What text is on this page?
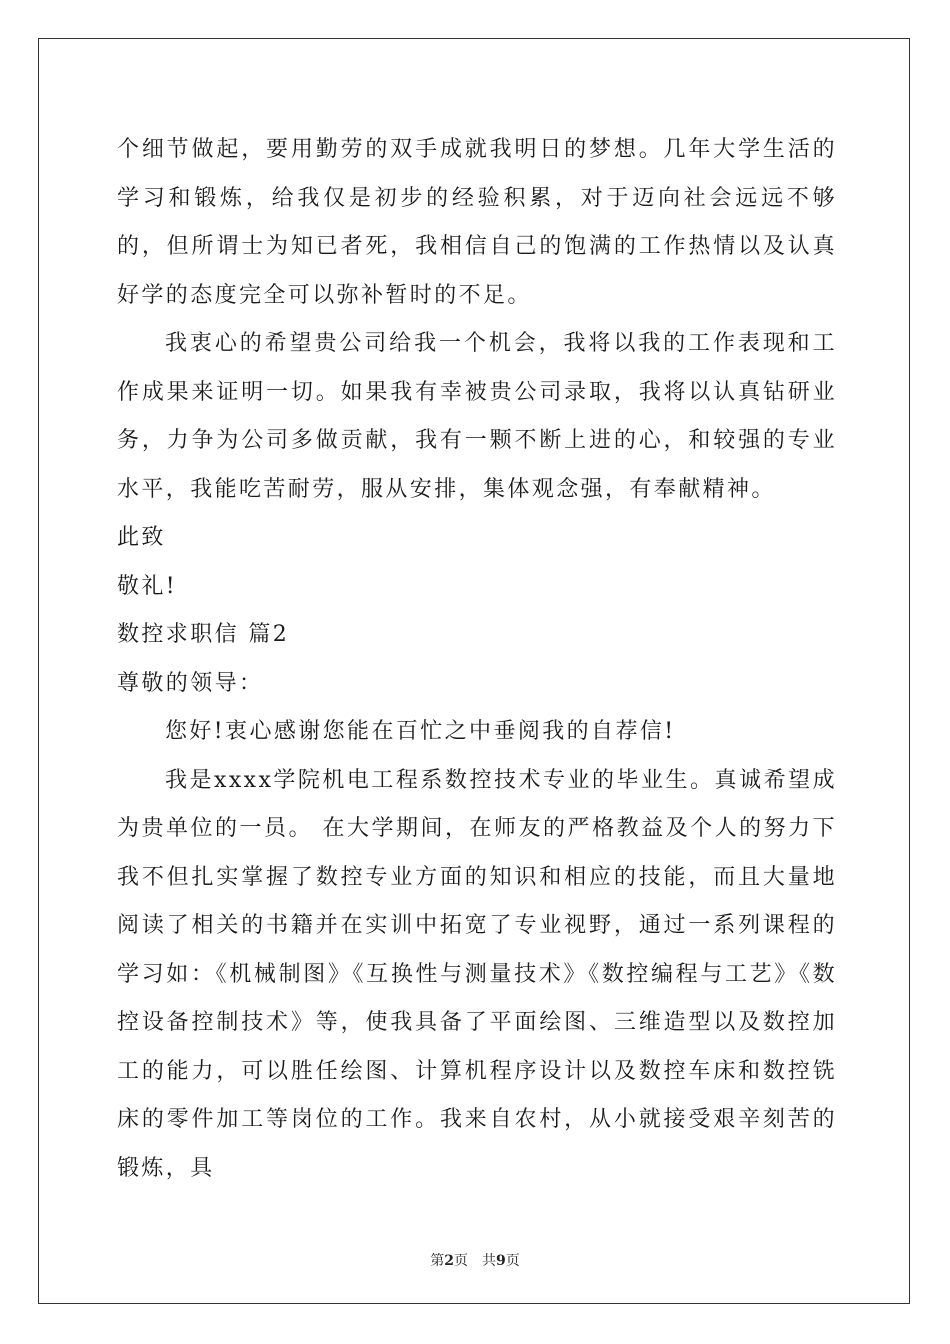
个细节做起，要用勤劳的双手成就我明日的梦想。几年大学生活的学习和锻炼，给我仅是初步的经验积累，对于迈向社会远远不够的，但所谓士为知已者死，我相信自己的饱满的工作热情以及认真好学的态度完全可以弥补暂时的不足。

我衷心的希望贵公司给我一个机会，我将以我的工作表现和工作成果来证明一切。如果我有幸被贵公司录取，我将以认真钻研业务，力争为公司多做贡献，我有一颗不断上进的心，和较强的专业水平，我能吃苦耐劳，服从安排，集体观念强，有奉献精神。

此致

敬礼!

数控求职信 篇2

尊敬的领导：

您好!衷心感谢您能在百忙之中垂阅我的自荐信!

我是xxxx学院机电工程系数控技术专业的毕业生。真诚希望成为贵单位的一员。 在大学期间，在师友的严格教益及个人的努力下我不但扎实掌握了数控专业方面的知识和相应的技能，而且大量地阅读了相关的书籍并在实训中拓宽了专业视野，通过一系列课程的学习如：《机械制图》《互换性与测量技术》《数控编程与工艺》《数控设备控制技术》等，使我具备了平面绘图、三维造型以及数控加工的能力，可以胜任绘图、计算机程序设计以及数控车床和数控铣床的零件加工等岗位的工作。我来自农村，从小就接受艰辛刻苦的锻炼，具

第2页 共9页
